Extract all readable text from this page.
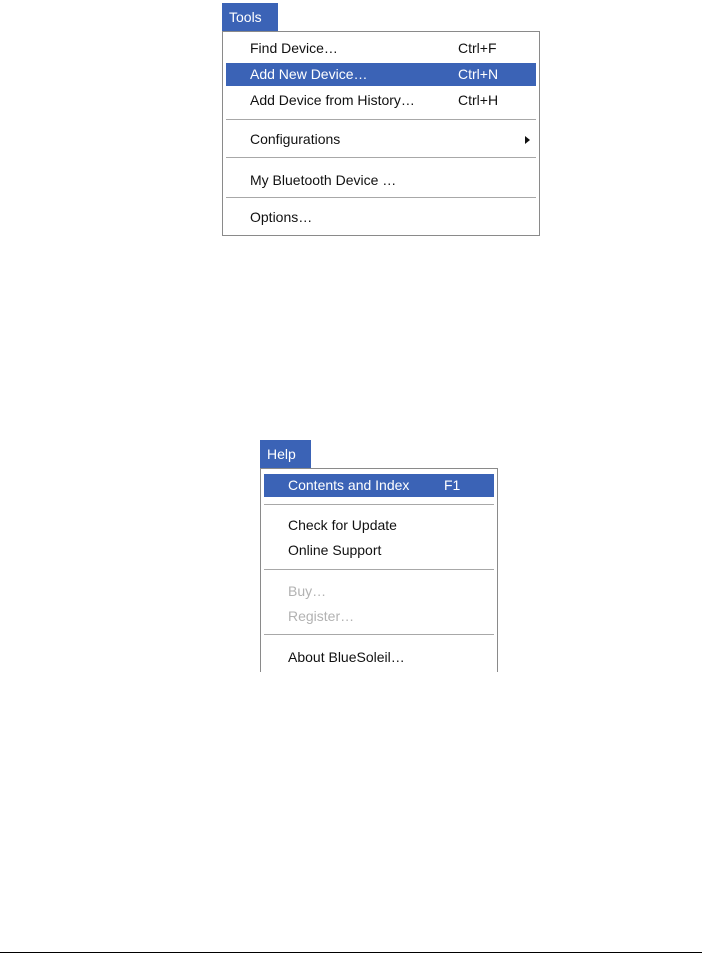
Tools
Find Device…	Ctrl+F
Add New Device…	Ctrl+N
Add Device from History…	Ctrl+H
Configurations
My Bluetooth Device …
Options…
Help
Contents and Index F1
Check for Update
Online Support
Buy…
Register…
About BlueSoleil…
